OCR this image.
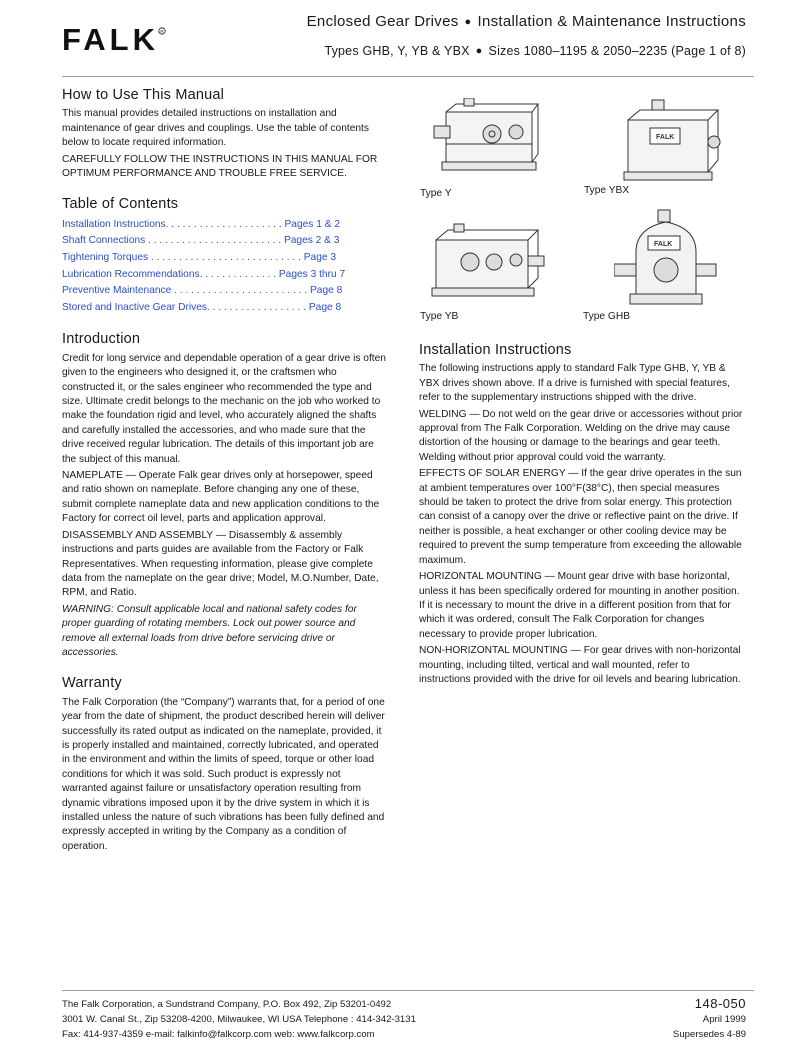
FALK R
Enclosed Gear Drives ● Installation & Maintenance Instructions
Types GHB, Y, YB & YBX ● Sizes 1080–1195 & 2050–2235 (Page 1 of 8)
How to Use This Manual

This manual provides detailed instructions on installation and maintenance of gear drives and couplings. Use the table of contents below to locate required information.

CAREFULLY FOLLOW THE INSTRUCTIONS IN THIS MANUAL FOR OPTIMUM PERFORMANCE AND TROUBLE FREE SERVICE.

Table of Contents
Installation Instructions. . . . . . . . . . . . . . . . . . . . . Pages 1 & 2
Shaft Connections . . . . . . . . . . . . . . . . . . . . . . . . Pages 2 & 3
Tightening Torques . . . . . . . . . . . . . . . . . . . . . . . . . . . Page 3
Lubrication Recommendations. . . . . . . . . . . . . . Pages 3 thru 7
Preventive Maintenance . . . . . . . . . . . . . . . . . . . . . . . . Page 8
Stored and Inactive Gear Drives. . . . . . . . . . . . . . . . . . Page 8
Introduction

Credit for long service and dependable operation of a gear drive is often given to the engineers who designed it, or the craftsmen who constructed it, or the sales engineer who recommended the type and size. Ultimate credit belongs to the mechanic on the job who worked to make the foundation rigid and level, who accurately aligned the shafts and carefully installed the accessories, and who made sure that the drive received regular lubrication. The details of this important job are the subject of this manual.

NAMEPLATE — Operate Falk gear drives only at horsepower, speed and ratio shown on nameplate. Before changing any one of these, submit complete nameplate data and new application conditions to the Factory for correct oil level, parts and application approval.

DISASSEMBLY AND ASSEMBLY — Disassembly & assembly instructions and parts guides are available from the Factory or Falk Representatives. When requesting information, please give complete data from the nameplate on the gear drive; Model, M.O.Number, Date, RPM, and Ratio.

WARNING: Consult applicable local and national safety codes for proper guarding of rotating members. Lock out power source and remove all external loads from drive before servicing drive or accessories.

Warranty

The Falk Corporation (the “Company”) warrants that, for a period of one year from the date of shipment, the product described herein will deliver successfully its rated output as indicated on the nameplate, provided, it is properly installed and maintained, correctly lubricated, and operated in the environment and within the limits of speed, torque or other load conditions for which it was sold. Such product is expressly not warranted against failure or unsatisfactory operation resulting from dynamic vibrations imposed upon it by the drive system in which it is installed unless the nature of such vibrations has been fully defined and expressly accepted in writing by the Company as a condition of operation.

Type Y
FALK
Type YBX
Type YB
FALK
Type GHB
Installation Instructions

The following instructions apply to standard Falk Type GHB, Y, YB & YBX drives shown above. If a drive is furnished with special features, refer to the supplementary instructions shipped with the drive.

WELDING — Do not weld on the gear drive or accessories without prior approval from The Falk Corporation. Welding on the drive may cause distortion of the housing or damage to the bearings and gear teeth. Welding without prior approval could void the warranty.

EFFECTS OF SOLAR ENERGY — If the gear drive operates in the sun at ambient temperatures over 100°F(38°C), then special measures should be taken to protect the drive from solar energy. This protection can consist of a canopy over the drive or reflective paint on the drive. If neither is possible, a heat exchanger or other cooling device may be required to prevent the sump temperature from exceeding the allowable maximum.

HORIZONTAL MOUNTING — Mount gear drive with base horizontal, unless it has been specifically ordered for mounting in another position. If it is necessary to mount the drive in a different position from that for which it was ordered, consult The Falk Corporation for changes necessary to provide proper lubrication.

NON-HORIZONTAL MOUNTING — For gear drives with non-horizontal mounting, including tilted, vertical and wall mounted, refer to instructions provided with the drive for oil levels and bearing lubrication.

The Falk Corporation, a Sundstrand Company, P.O. Box 492, Zip 53201-0492
3001 W. Canal St., Zip 53208-4200, Milwaukee, WI USA Telephone : 414-342-3131
Fax: 414-937-4359 e-mail: falkinfo@falkcorp.com web: www.falkcorp.com
148-050
April 1999
Supersedes 4-89
